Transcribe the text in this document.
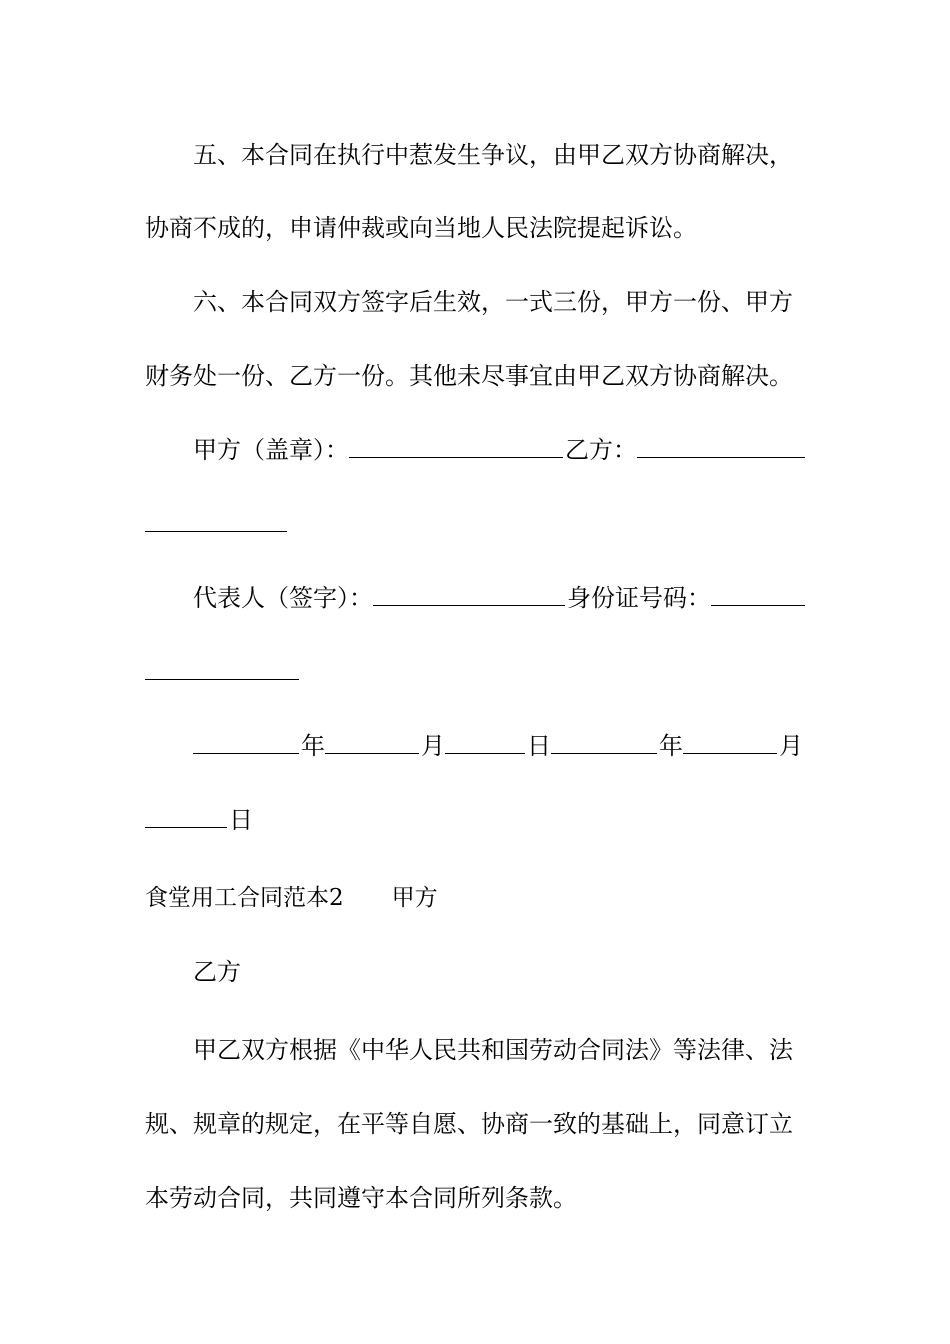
五、本合同在执行中惹发生争议，由甲乙双方协商解决，
协商不成的，申请仲裁或向当地人民法院提起诉讼。
六、本合同双方签字后生效，一式三份，甲方一份、甲方
财务处一份、乙方一份。其他未尽事宜由甲乙双方协商解决。
甲方（盖章）：	乙方：
代表人（签字）：	身份证号码：
年	月	日	年	月
日
食堂用工合同范本2 甲方
乙方
甲乙双方根据《中华人民共和国劳动合同法》等法律、法
规、规章的规定，在平等自愿、协商一致的基础上，同意订立
本劳动合同，共同遵守本合同所列条款。
